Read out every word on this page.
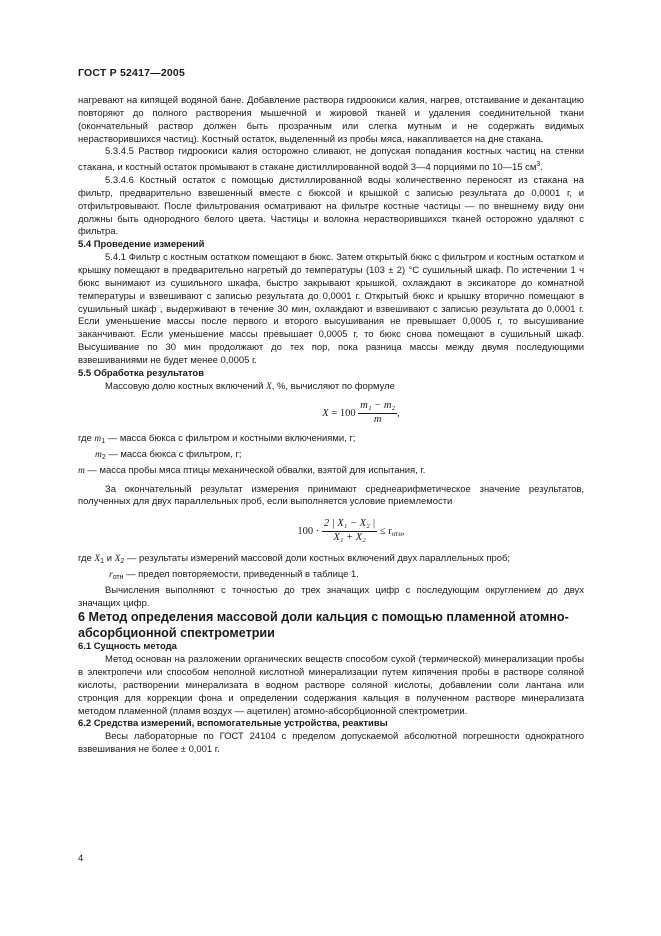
ГОСТ Р 52417—2005

нагревают на кипящей водяной бане. Добавление раствора гидроокиси калия, нагрев, отстаивание и декантацию повторяют до полного растворения мышечной и жировой тканей и удаления соединительной ткани (окончательный раствор должен быть прозрачным или слегка мутным и не содержать видимых нерастворившихся частиц). Костный остаток, выделенный из пробы мяса, накапливается на дне стакана.

5.3.4.5 Раствор гидроокиси калия осторожно сливают, не допуская попадания костных частиц на стенки стакана, и костный остаток промывают в стакане дистиллированной водой 3—4 порциями по 10—15 $см^3$.

5.3.4.6 Костный остаток с помощью дистиллированной воды количественно переносят из стакана на фильтр, предварительно взвешенный вместе с бюксой и крышкой с записью результата до 0,0001 г, и отфильтровывают. После фильтрования осматривают на фильтре костные частицы — по внешнему виду они должны быть однородного белого цвета. Частицы и волокна нерастворившихся тканей осторожно удаляют с фильтра.

5.4 Проведение измерений

5.4.1 Фильтр с костным остатком помещают в бюкс. Затем открытый бюкс с фильтром и костным остатком и крышку помещают в предварительно нагретый до температуры (103 ± 2) °С сушильный шкаф. По истечении 1 ч бюкс вынимают из сушильного шкафа, быстро закрывают крышкой, охлаждают в эксикаторе до комнатной температуры и взвешивают с записью результата до 0,0001 г. Открытый бюкс и крышку вторично помещают в сушильный шкаф , выдерживают в течение 30 мин, охлаждают и взвешивают с записью результата до 0,0001 г. Если уменьшение массы после первого и второго высушивания не превышает 0,0005 г, то высушивание заканчивают. Если уменьшение массы превышает 0,0005 г, то бюкс снова помещают в сушильный шкаф. Высушивание по 30 мин продолжают до тех пор, пока разница массы между двумя последующими взвешиваниями не будет менее 0,0005 г.

5.5 Обработка результатов

Массовую долю костных включений X, %, вычисляют по формуле

$X = 100 \frac{\text{m₁ − m₂}}{m}$ ,

где $m_1$ — масса бюкса с фильтром и костными включениями, г;

$m_2$ — масса бюкса с фильтром, г;

m — масса пробы мяса птицы механической обвалки, взятой для испытания, г.

За окончательный результат измерения принимают среднеарифметическое значение результатов, полученных для двух параллельных проб, если выполняется условие приемлемости

$100 \cdot \frac{\text{2 | X₁ − X₂ |}}{\text{X₁ + X₂}} \le r_{отн}$,

где $X_1$ и $X_2$ — результаты измерений массовой доли костных включений двух параллельных проб;

$r_{отн}$ — предел повторяемости, приведенный в таблице 1.

Вычисления выполняют с точностью до трех значащих цифр с последующим округлением до двух значащих цифр.

6 Метод определения массовой доли кальция с помощью пламенной атомно-абсорбционной спектрометрии

6.1 Сущность метода

Метод основан на разложении органических веществ способом сухой (термической) минерализации пробы в электропечи или способом неполной кислотной минерализации путем кипячения пробы в растворе соляной кислоты, растворении минерализата в водном растворе соляной кислоты, добавлении соли лантана или стронция для коррекции фона и определении содержания кальция в полученном растворе минерализата методом пламенной (пламя воздух — ацетилен) атомно-абсорбционной спектрометрии.

6.2 Средства измерений, вспомогательные устройства, реактивы

Весы лабораторные по ГОСТ 24104 с пределом допускаемой абсолютной погрешности однократного взвешивания не более ± 0,001 г.

4
